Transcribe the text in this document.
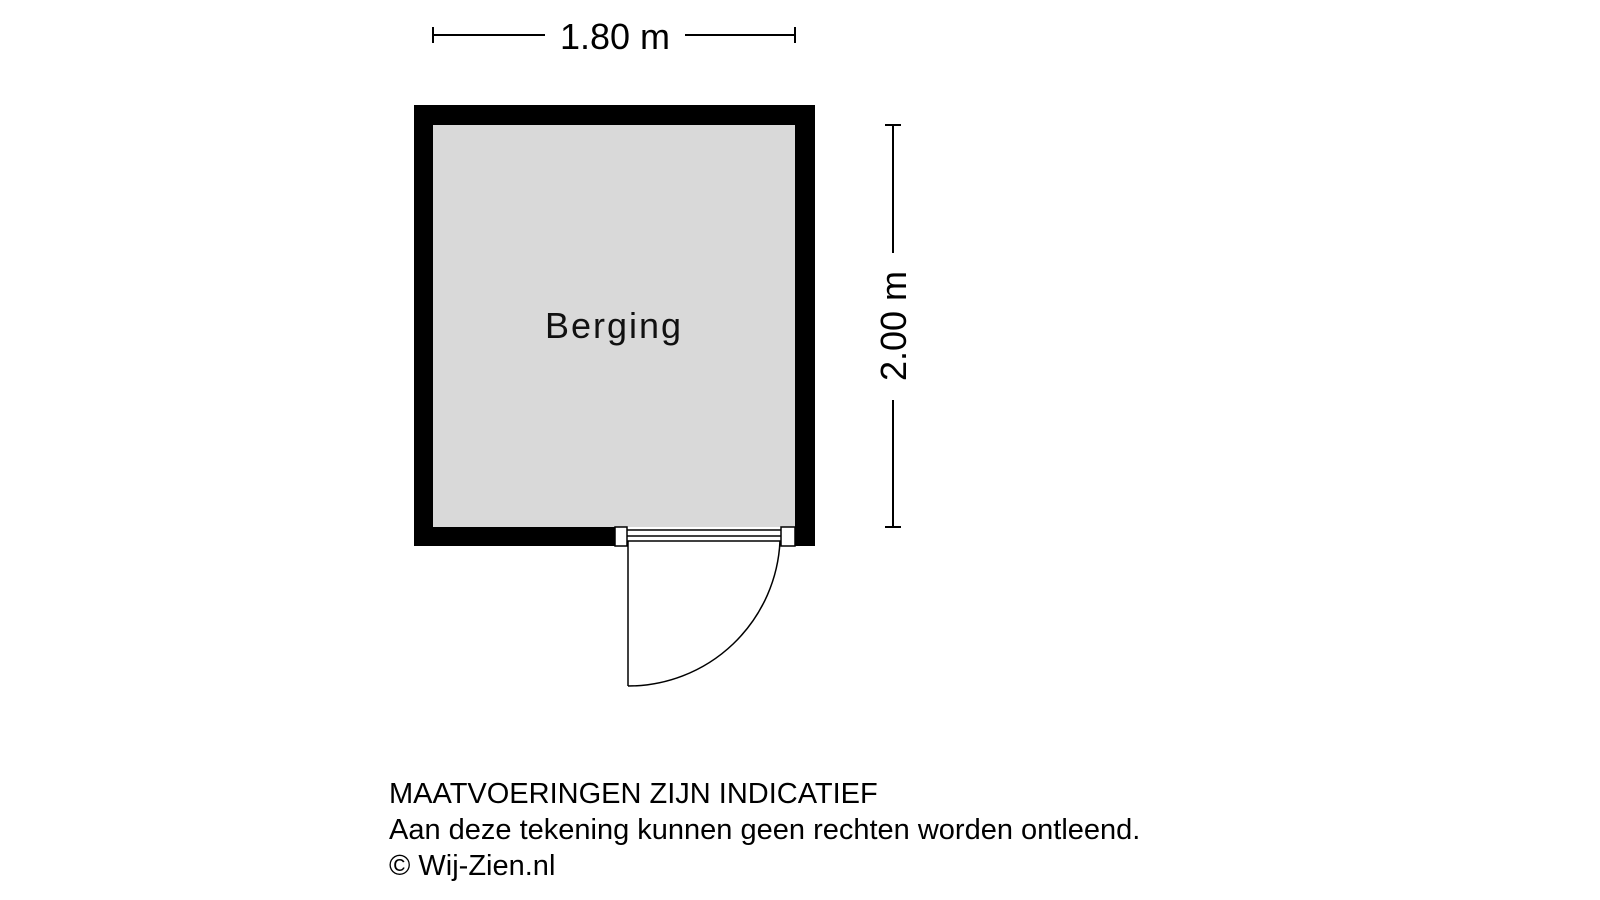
1.80 m
Berging	2.00 m
MAATVOERINGEN ZIJN INDICATIEF
Aan deze tekening kunnen geen rechten worden ontleend.
© Wij-Zien.nl
